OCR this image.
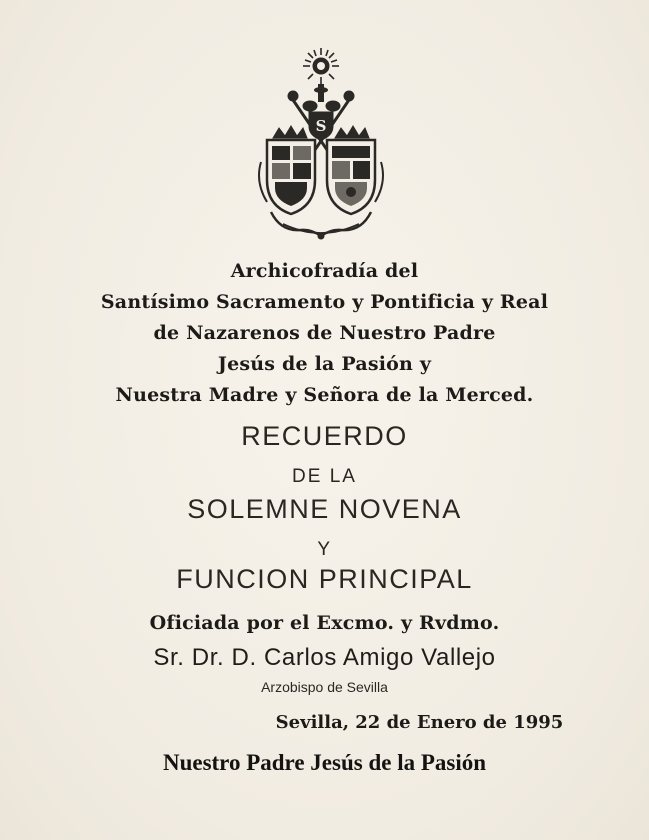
S
Archicofradía del
Santísimo Sacramento y Pontificia y Real
de Nazarenos de Nuestro Padre
Jesús de la Pasión y
Nuestra Madre y Señora de la Merced.
RECUERDO
DE LA
SOLEMNE NOVENA
Y
FUNCION PRINCIPAL
Oficiada por el Excmo. y Rvdmo.
Sr. Dr. D. Carlos Amigo Vallejo
Arzobispo de Sevilla
Sevilla, 22 de Enero de 1995
Nuestro Padre Jesús de la Pasión
